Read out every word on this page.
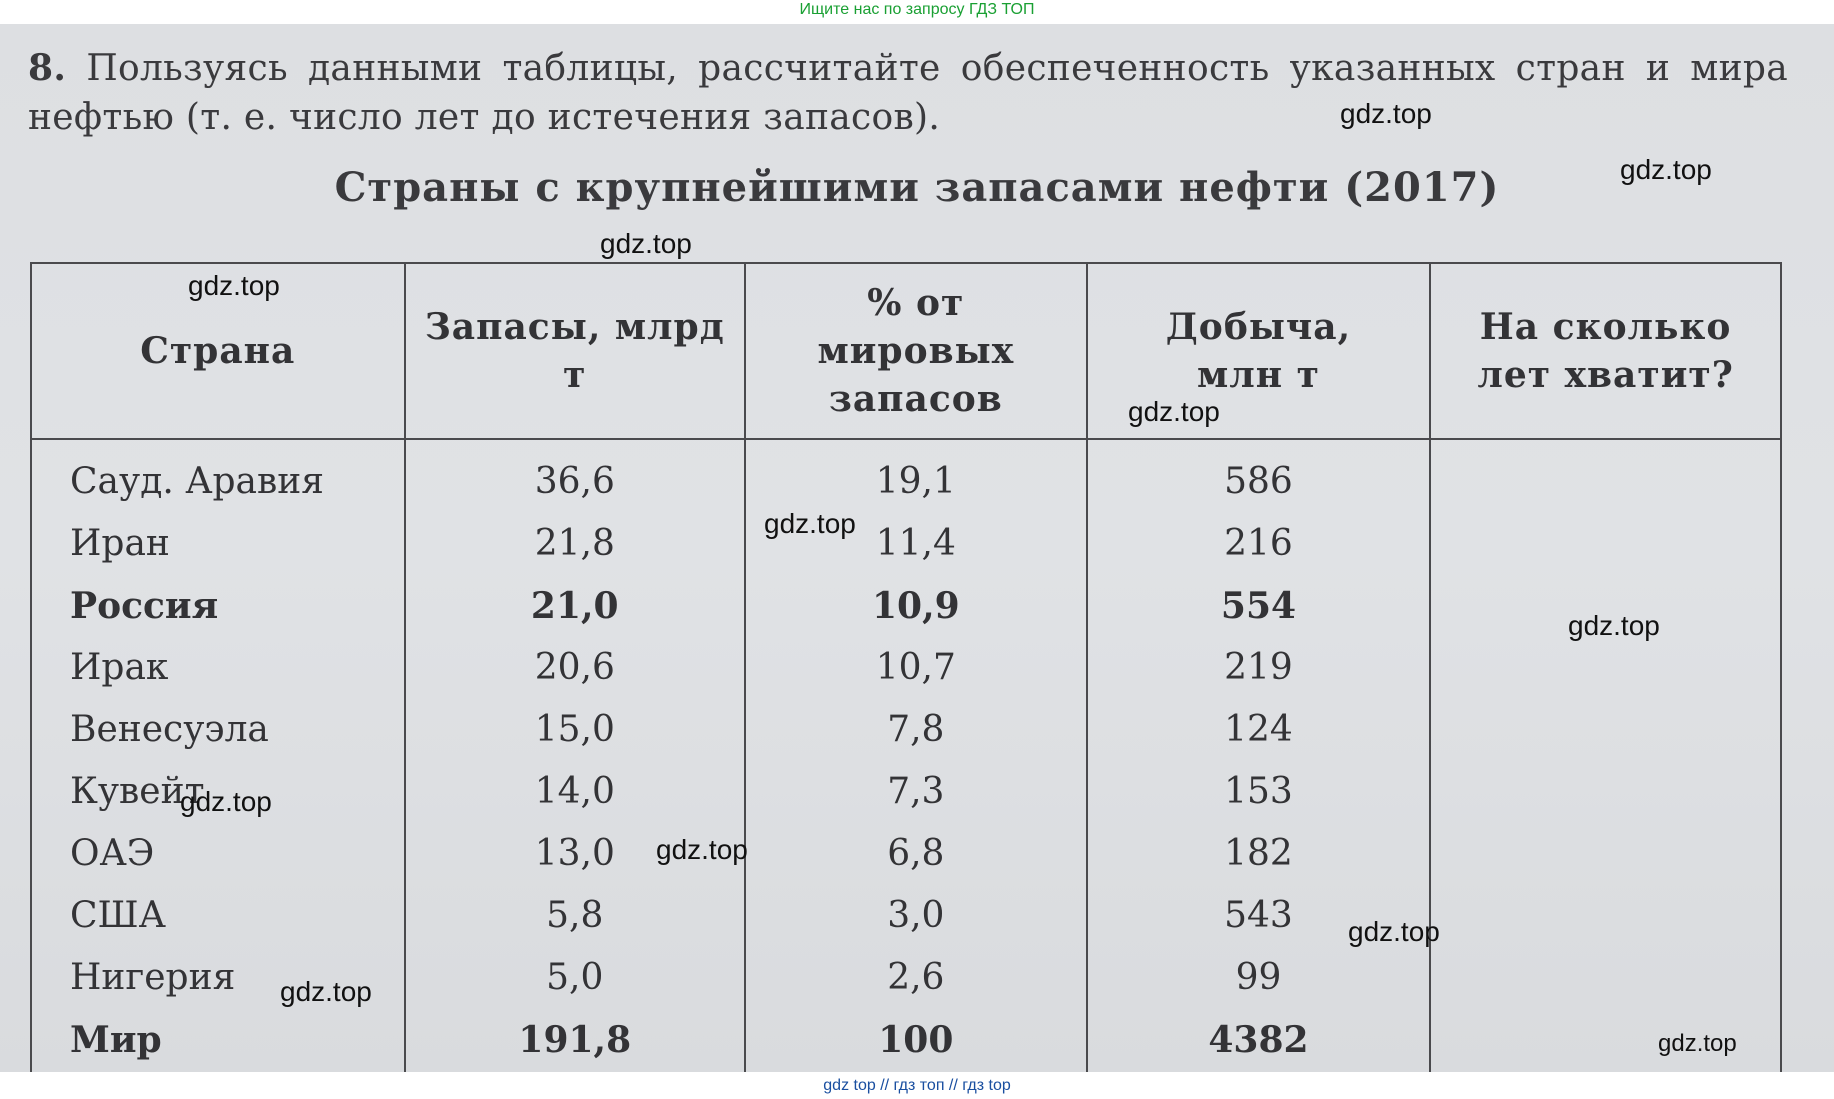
Ищите нас по запросу ГДЗ ТОП
8. Пользуясь данными таблицы, рассчитайте обеспеченность указанных стран и мира нефтью (т. е. число лет до истечения запасов).
Страны с крупнейшими запасами нефти (2017)
Страна	Запасы, млрд т	% от мировых запасов	Добыча, млн т	На сколько лет хватит?
Сауд. Аравия	36,6	19,1	586	
Иран	21,8	11,4	216	
Россия	21,0	10,9	554	
Ирак	20,6	10,7	219	
Венесуэла	15,0	7,8	124	
Кувейт	14,0	7,3	153	
ОАЭ	13,0	6,8	182	
США	5,8	3,0	543	
Нигерия	5,0	2,6	99	
Мир	191,8	100	4382	
gdz.top
gdz.top
gdz.top
gdz.top
gdz.top
gdz.top
gdz.top
gdz.top
gdz.top
gdz.top
gdz.top
gdz.top
gdz top // гдз топ // гдз top
